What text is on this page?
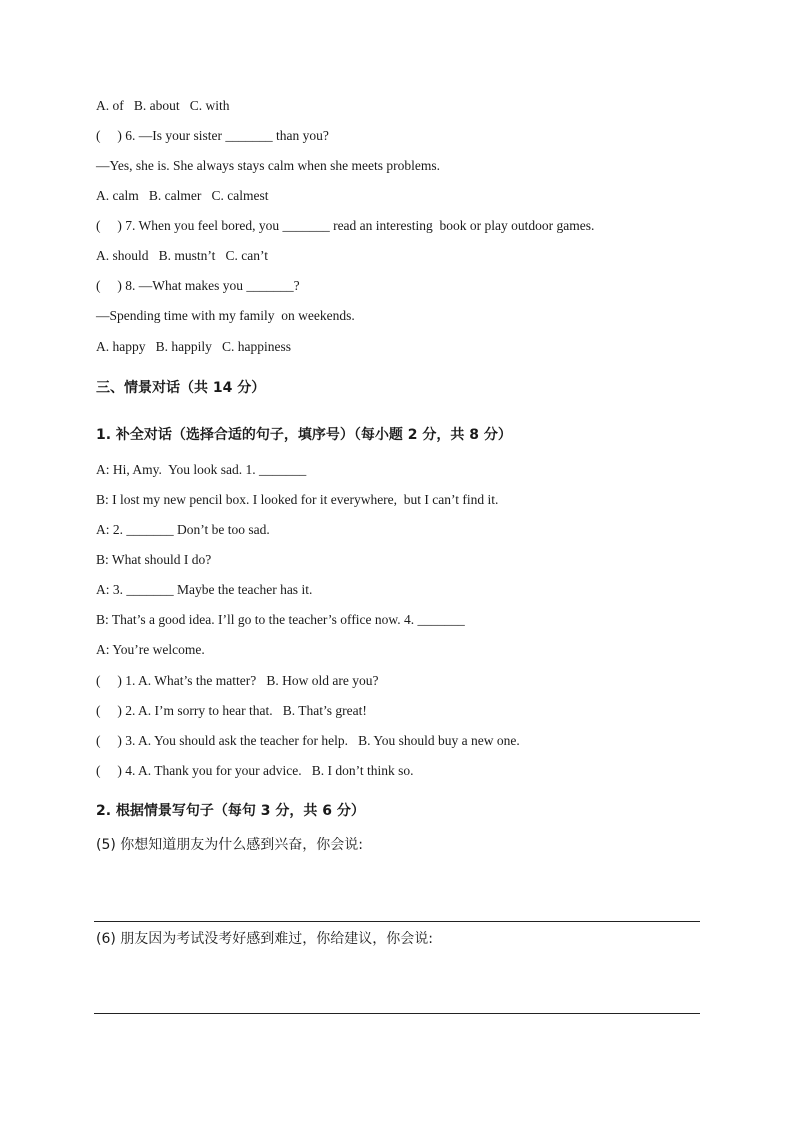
A. of   B. about   C. with
(     ) 6. —Is your sister _______ than you?
—Yes, she is. She always stays calm when she meets problems.
A. calm   B. calmer   C. calmest
(     ) 7. When you feel bored, you _______ read an interesting  book or play outdoor games.
A. should   B. mustn’t   C. can’t
(     ) 8. —What makes you _______?
—Spending time with my family  on weekends.
A. happy   B. happily   C. happiness
三、情景对话（共 14 分）
1. 补全对话（选择合适的句子，填序号）（每小题 2 分，共 8 分）
A: Hi, Amy.  You look sad. 1. _______
B: I lost my new pencil box. I looked for it everywhere,  but I can’t find it.
A: 2. _______ Don’t be too sad.
B: What should I do?
A: 3. _______ Maybe the teacher has it.
B: That’s a good idea. I’ll go to the teacher’s office now. 4. _______
A: You’re welcome.
(     ) 1. A. What’s the matter?   B. How old are you?
(     ) 2. A. I’m sorry to hear that.   B. That’s great!
(     ) 3. A. You should ask the teacher for help.   B. You should buy a new one.
(     ) 4. A. Thank you for your advice.   B. I don’t think so.
2. 根据情景写句子（每句 3 分，共 6 分）
(5) 你想知道朋友为什么感到兴奋，你会说:
(6) 朋友因为考试没考好感到难过，你给建议，你会说:
